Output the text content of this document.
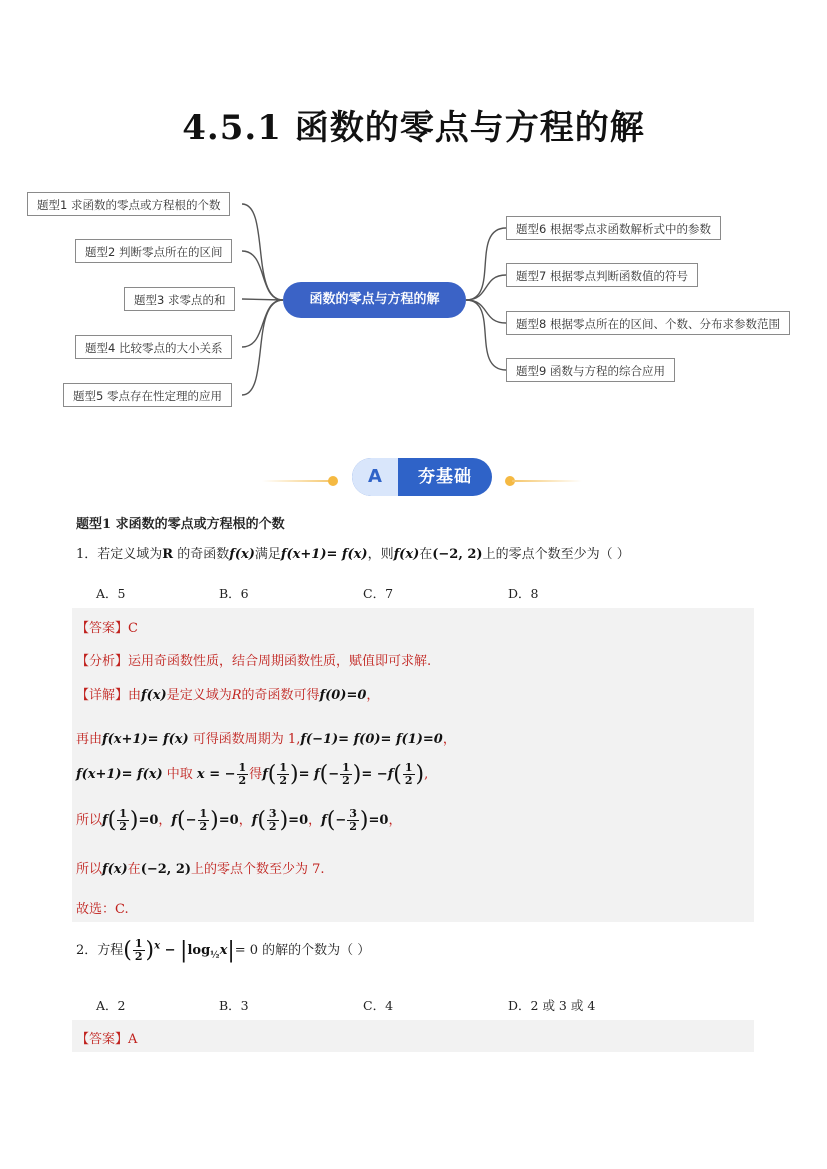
4.5.1 函数的零点与方程的解
题型1 求函数的零点或方程根的个数
题型2 判断零点所在的区间
题型3 求零点的和
题型4 比较零点的大小关系
题型5 零点存在性定理的应用
函数的零点与方程的解
题型6 根据零点求函数解析式中的参数
题型7 根据零点判断函数值的符号
题型8 根据零点所在的区间、个数、分布求参数范围
题型9 函数与方程的综合应用
A	夯基础
题型1 求函数的零点或方程根的个数
1．若定义域为R 的奇函数f(x)满足f(x+1)= f(x)，则f(x)在(−2, 2)上的零点个数至少为（ ）
A．5	B．6	C．7	D．8
【答案】C
【分析】运用奇函数性质，结合周期函数性质，赋值即可求解.
【详解】由f(x)是定义域为R的奇函数可得f(0)=0，
再由f(x+1)= f(x) 可得函数周期为 1,f(−1)= f(0)= f(1)=0，
f(x+1)= f(x) 中取 x = − $\frac{1}{2}$ 得$f( \frac{1}{2}$ )= $f(- \frac{1}{2}$ )= $-f( \frac{1}{2}$ ),
所以$f( \frac{1}{2} )=0$，$f(- \frac{1}{2} )=0$，$f( \frac{3}{2} )=0$，$f(- \frac{3}{2} )=0$，
所以f(x)在(−2, 2)上的零点个数至少为 7.
故选：C.
2．方程( $\frac{1}{2} )^x - |\log_{\frac{1}{2}}x|= 0$ 的解的个数为（ ）
A．2	B．3	C．4	D．2 或 3 或 4
【答案】A
